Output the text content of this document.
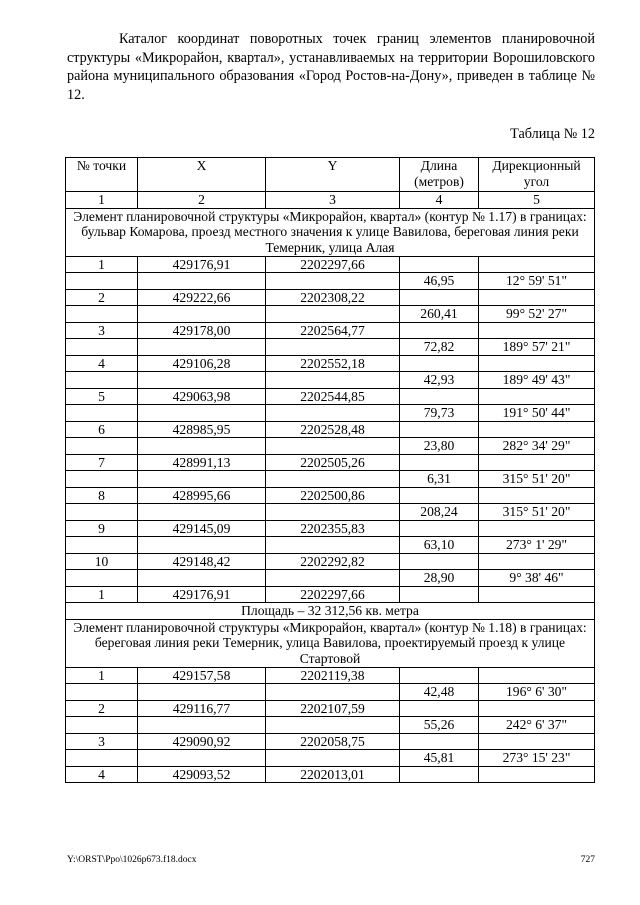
Каталог координат поворотных точек границ элементов планировочной структуры «Микрорайон, квартал», устанавливаемых на территории Ворошиловского района муниципального образования «Город Ростов-на-Дону», приведен в таблице № 12.

Таблица № 12
№ точки	X	Y	Длина (метров)	Дирекционный угол
1	2	3	4	5
Элемент планировочной структуры «Микрорайон, квартал» (контур № 1.17) в границах: бульвар Комарова, проезд местного значения к улице Вавилова, береговая линия реки Темерник, улица Алая				
1	429176,91	2202297,66		
			46,95	12° 59' 51"
2	429222,66	2202308,22		
			260,41	99° 52' 27"
3	429178,00	2202564,77		
			72,82	189° 57' 21"
4	429106,28	2202552,18		
			42,93	189° 49' 43"
5	429063,98	2202544,85		
			79,73	191° 50' 44"
6	428985,95	2202528,48		
			23,80	282° 34' 29"
7	428991,13	2202505,26		
			6,31	315° 51' 20"
8	428995,66	2202500,86		
			208,24	315° 51' 20"
9	429145,09	2202355,83		
			63,10	273° 1' 29"
10	429148,42	2202292,82		
			28,90	9° 38' 46"
1	429176,91	2202297,66		
Площадь – 32 312,56 кв. метра				
Элемент планировочной структуры «Микрорайон, квартал» (контур № 1.18) в границах: береговая линия реки Темерник, улица Вавилова, проектируемый проезд к улице Стартовой				
1	429157,58	2202119,38		
			42,48	196° 6' 30"
2	429116,77	2202107,59		
			55,26	242° 6' 37"
3	429090,92	2202058,75		
			45,81	273° 15' 23"
4	429093,52	2202013,01		
Y:\ORST\Ppo\1026p673.f18.docx	727
